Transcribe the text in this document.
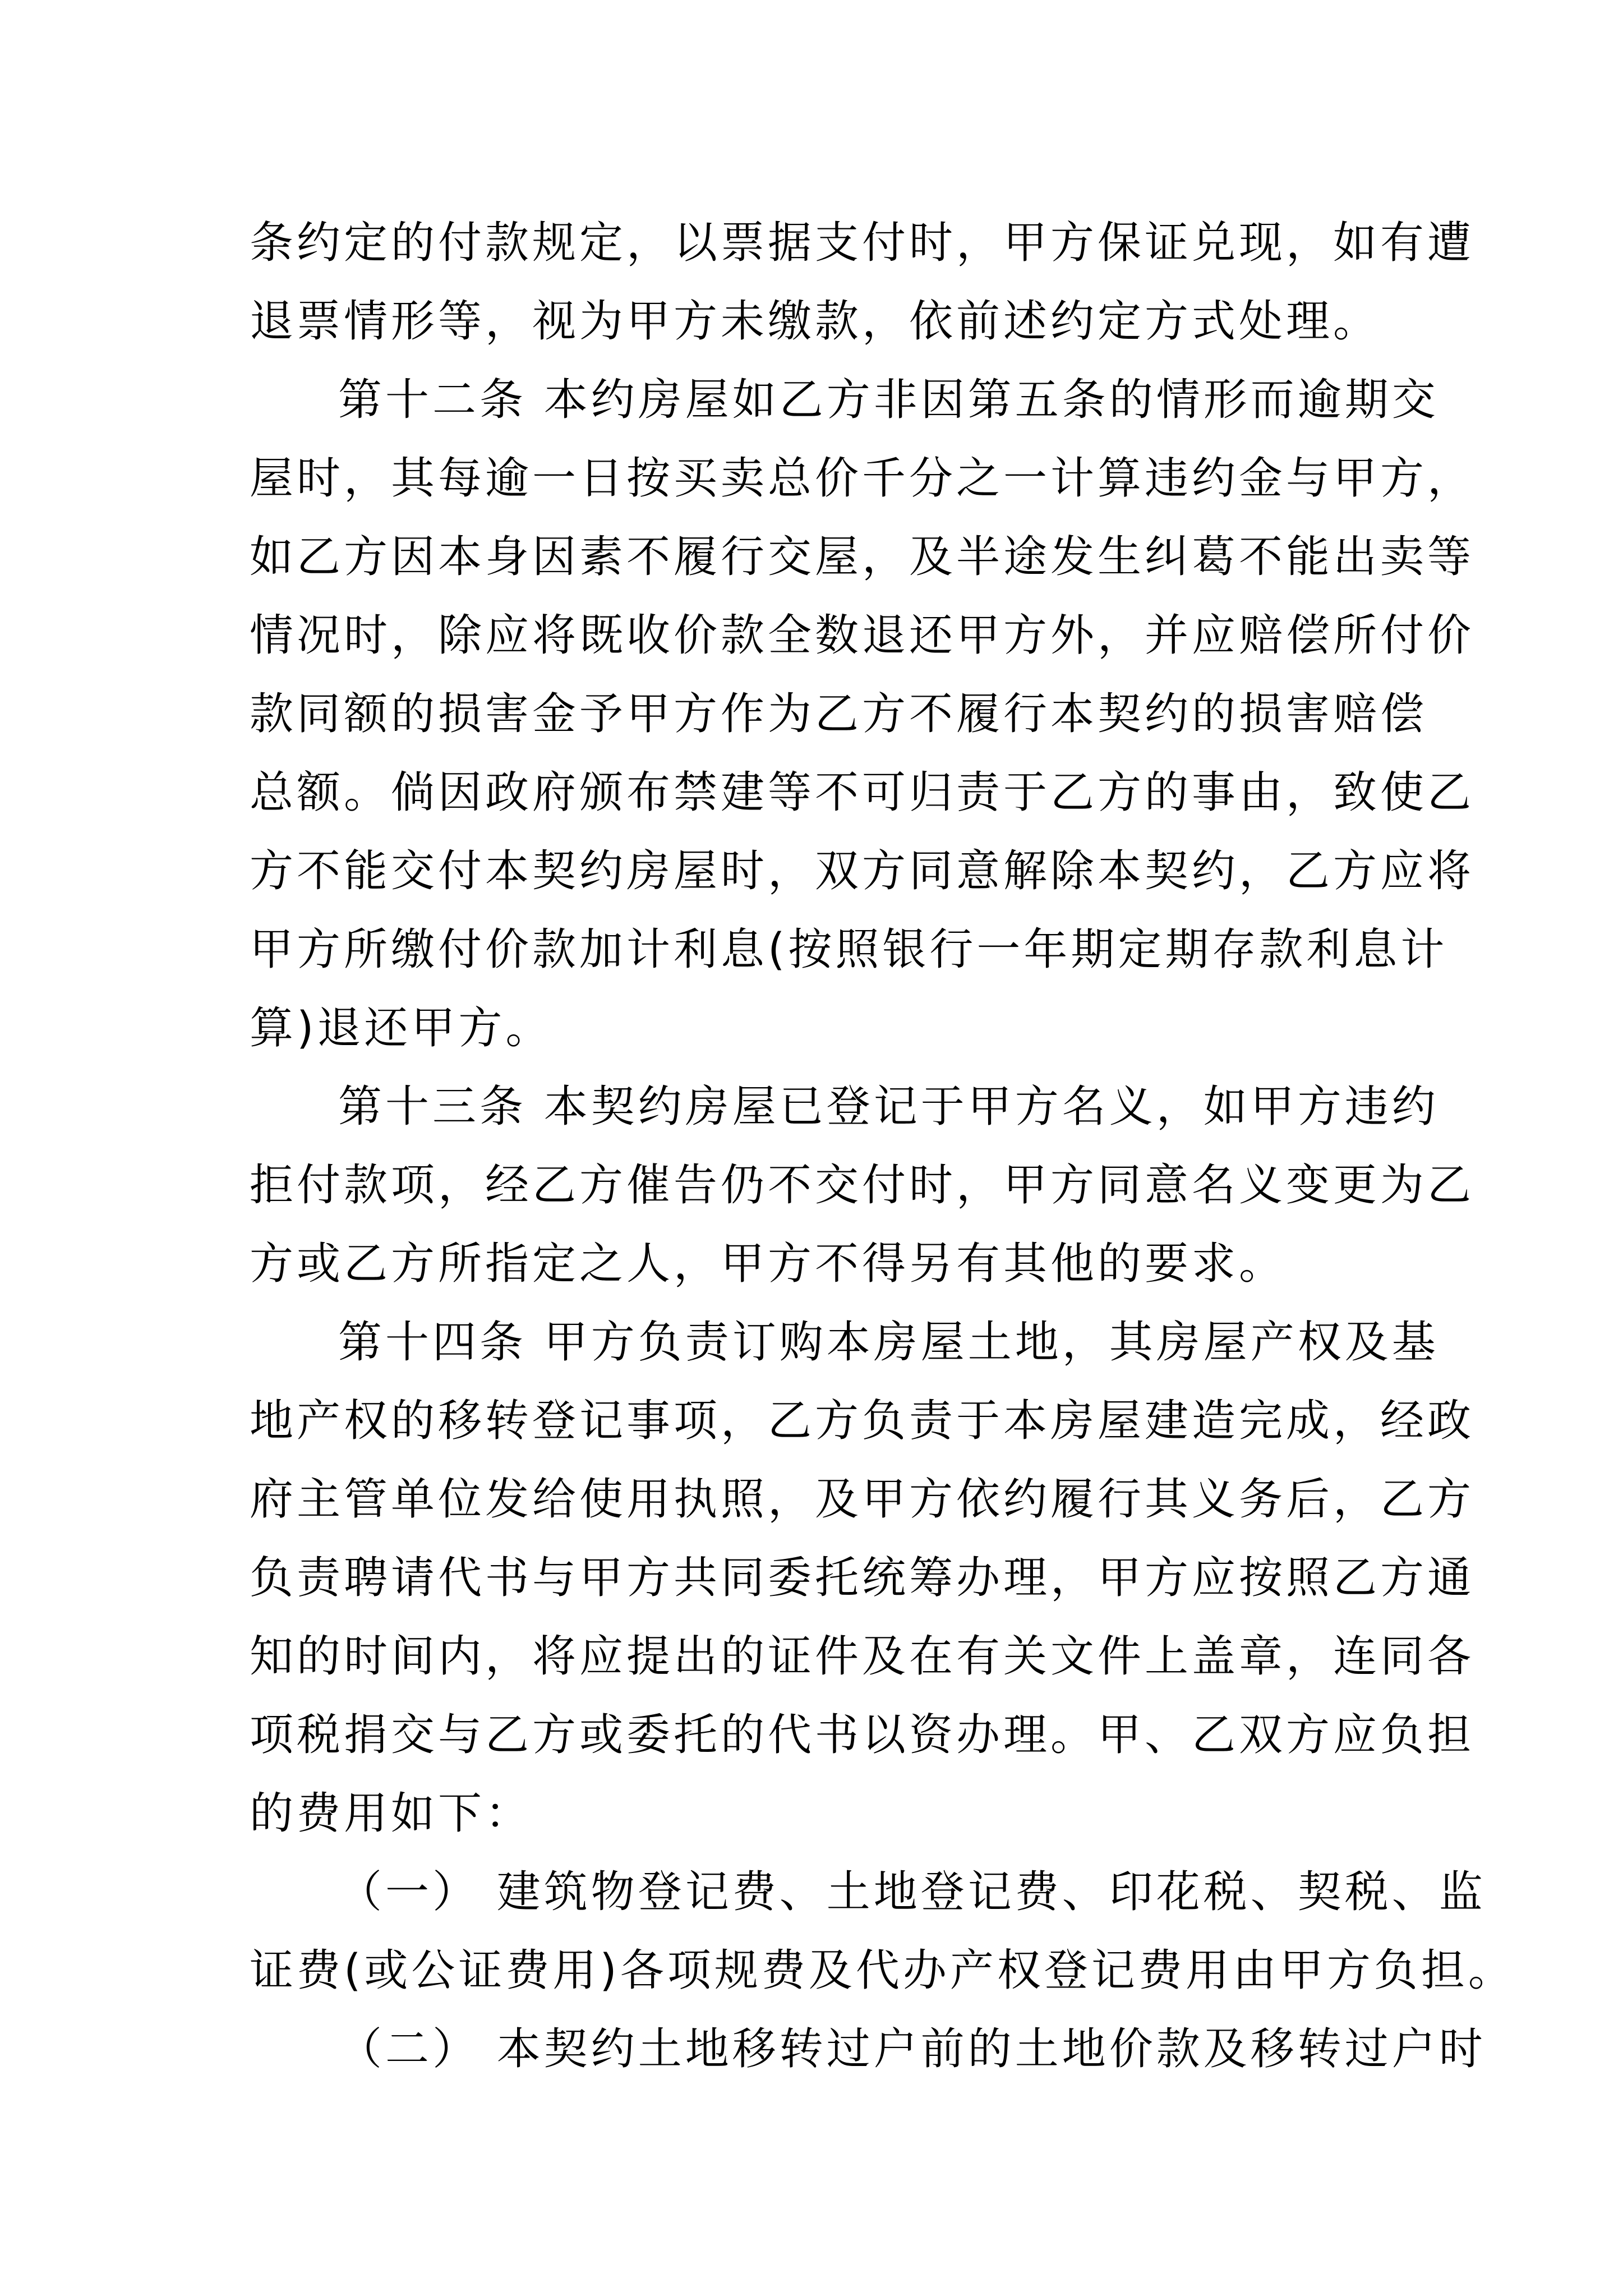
条约定的付款规定，以票据支付时，甲方保证兑现，如有遭
退票情形等，视为甲方未缴款，依前述约定方式处理。
第十二条 本约房屋如乙方非因第五条的情形而逾期交
屋时，其每逾一日按买卖总价千分之一计算违约金与甲方，
如乙方因本身因素不履行交屋，及半途发生纠葛不能出卖等
情况时，除应将既收价款全数退还甲方外，并应赔偿所付价
款同额的损害金予甲方作为乙方不履行本契约的损害赔偿
总额。倘因政府颁布禁建等不可归责于乙方的事由，致使乙
方不能交付本契约房屋时，双方同意解除本契约，乙方应将
甲方所缴付价款加计利息(按照银行一年期定期存款利息计
算)退还甲方。
第十三条 本契约房屋已登记于甲方名义，如甲方违约
拒付款项，经乙方催告仍不交付时，甲方同意名义变更为乙
方或乙方所指定之人，甲方不得另有其他的要求。
第十四条 甲方负责订购本房屋土地，其房屋产权及基
地产权的移转登记事项，乙方负责于本房屋建造完成，经政
府主管单位发给使用执照，及甲方依约履行其义务后，乙方
负责聘请代书与甲方共同委托统筹办理，甲方应按照乙方通
知的时间内，将应提出的证件及在有关文件上盖章，连同各
项税捐交与乙方或委托的代书以资办理。甲、乙双方应负担
的费用如下：
（一） 建筑物登记费、土地登记费、印花税、契税、监
证费(或公证费用)各项规费及代办产权登记费用由甲方负担。
（二） 本契约土地移转过户前的土地价款及移转过户时
